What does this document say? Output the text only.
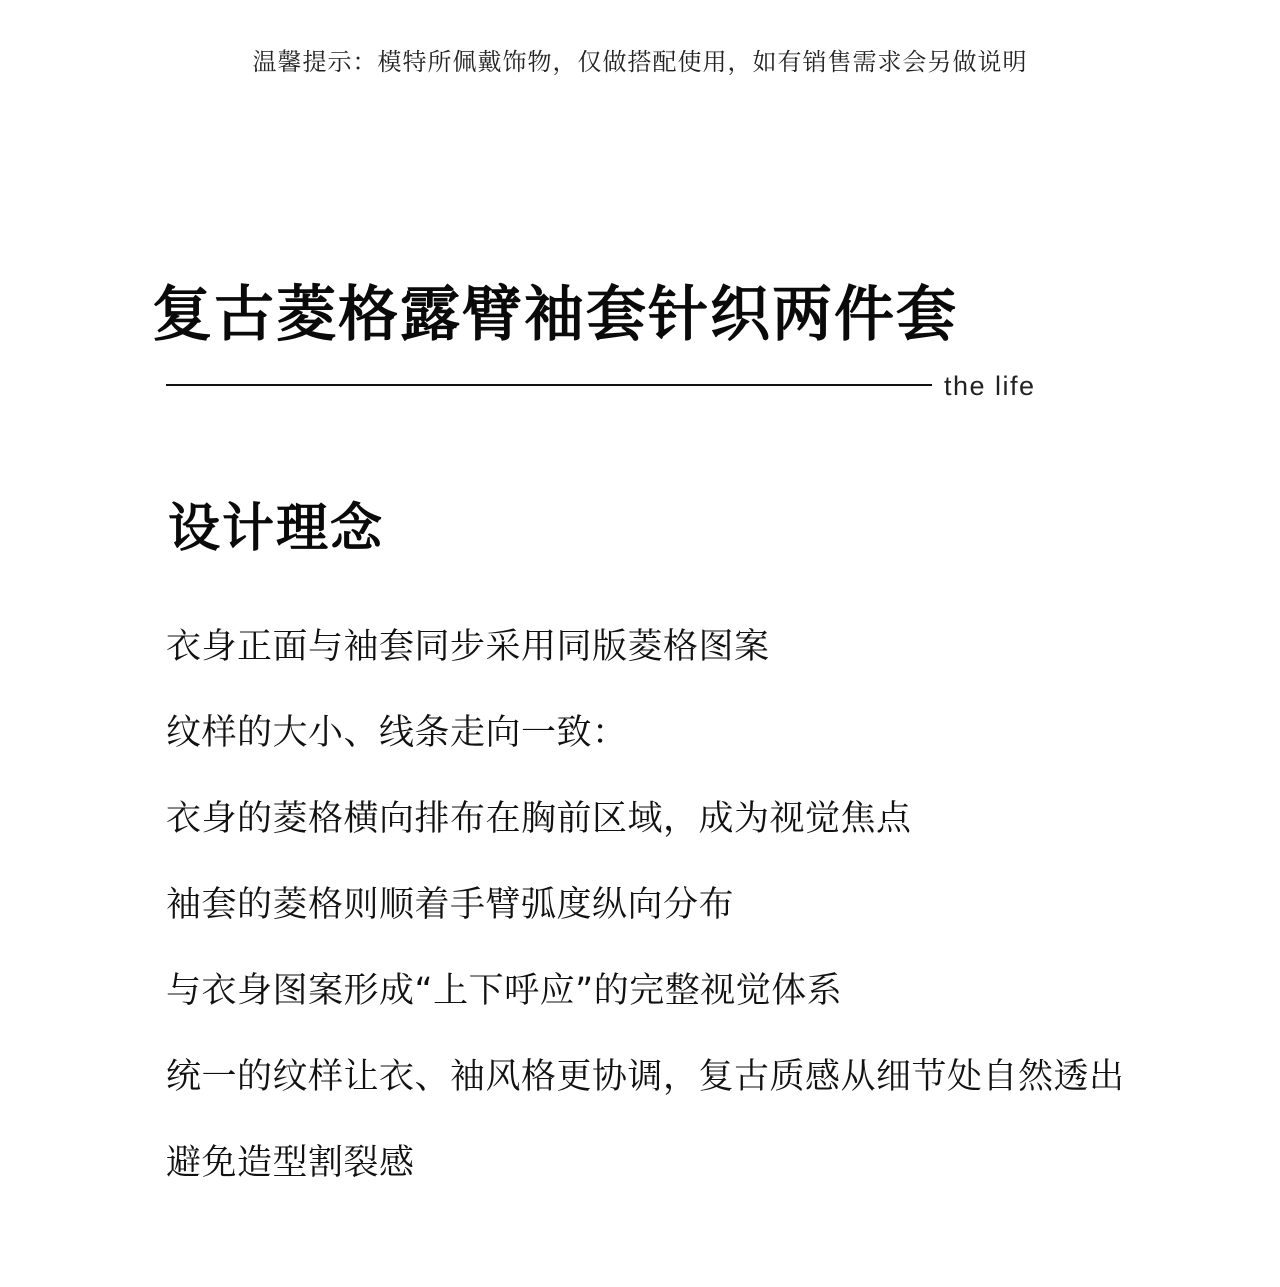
温馨提示：模特所佩戴饰物，仅做搭配使用，如有销售需求会另做说明
复古菱格露臂袖套针织两件套
the life
设计理念
衣身正面与袖套同步采用同版菱格图案
纹样的大小、线条走向一致：
衣身的菱格横向排布在胸前区域，成为视觉焦点
袖套的菱格则顺着手臂弧度纵向分布
与衣身图案形成“上下呼应”的完整视觉体系
统一的纹样让衣、袖风格更协调，复古质感从细节处自然透出
避免造型割裂感
